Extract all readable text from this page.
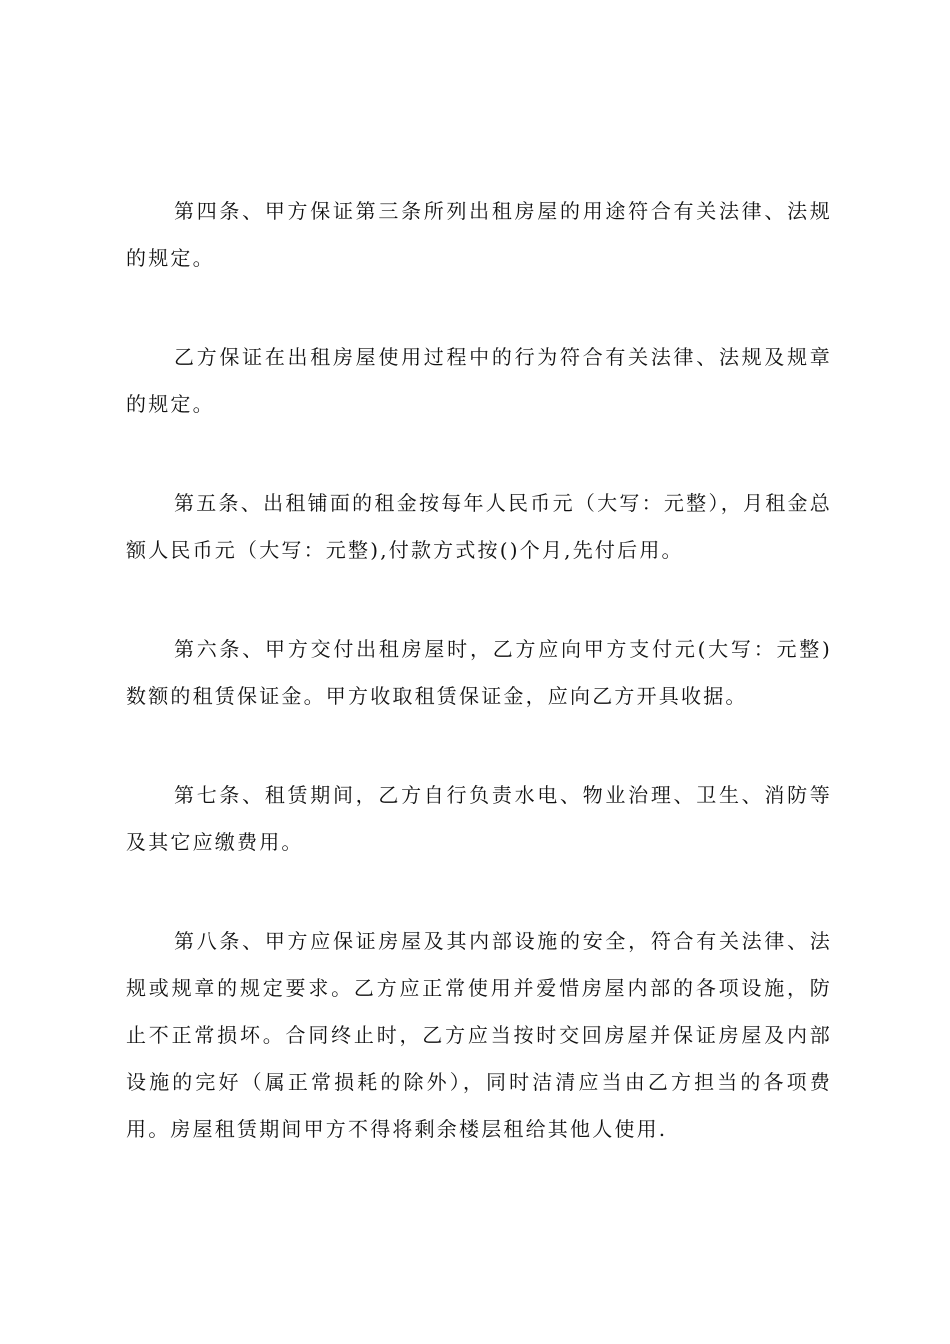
第四条、甲方保证第三条所列出租房屋的用途符合有关法律、法规的规定。

乙方保证在出租房屋使用过程中的行为符合有关法律、法规及规章的规定。

第五条、出租铺面的租金按每年人民币元（大写：元整），月租金总额人民币元（大写：元整),付款方式按()个月,先付后用。

第六条、甲方交付出租房屋时，乙方应向甲方支付元(大写：元整)数额的租赁保证金。甲方收取租赁保证金，应向乙方开具收据。

第七条、租赁期间，乙方自行负责水电、物业治理、卫生、消防等及其它应缴费用。

第八条、甲方应保证房屋及其内部设施的安全，符合有关法律、法规或规章的规定要求。乙方应正常使用并爱惜房屋内部的各项设施，防止不正常损坏。合同终止时，乙方应当按时交回房屋并保证房屋及内部设施的完好（属正常损耗的除外），同时洁清应当由乙方担当的各项费用。房屋租赁期间甲方不得将剩余楼层租给其他人使用.
